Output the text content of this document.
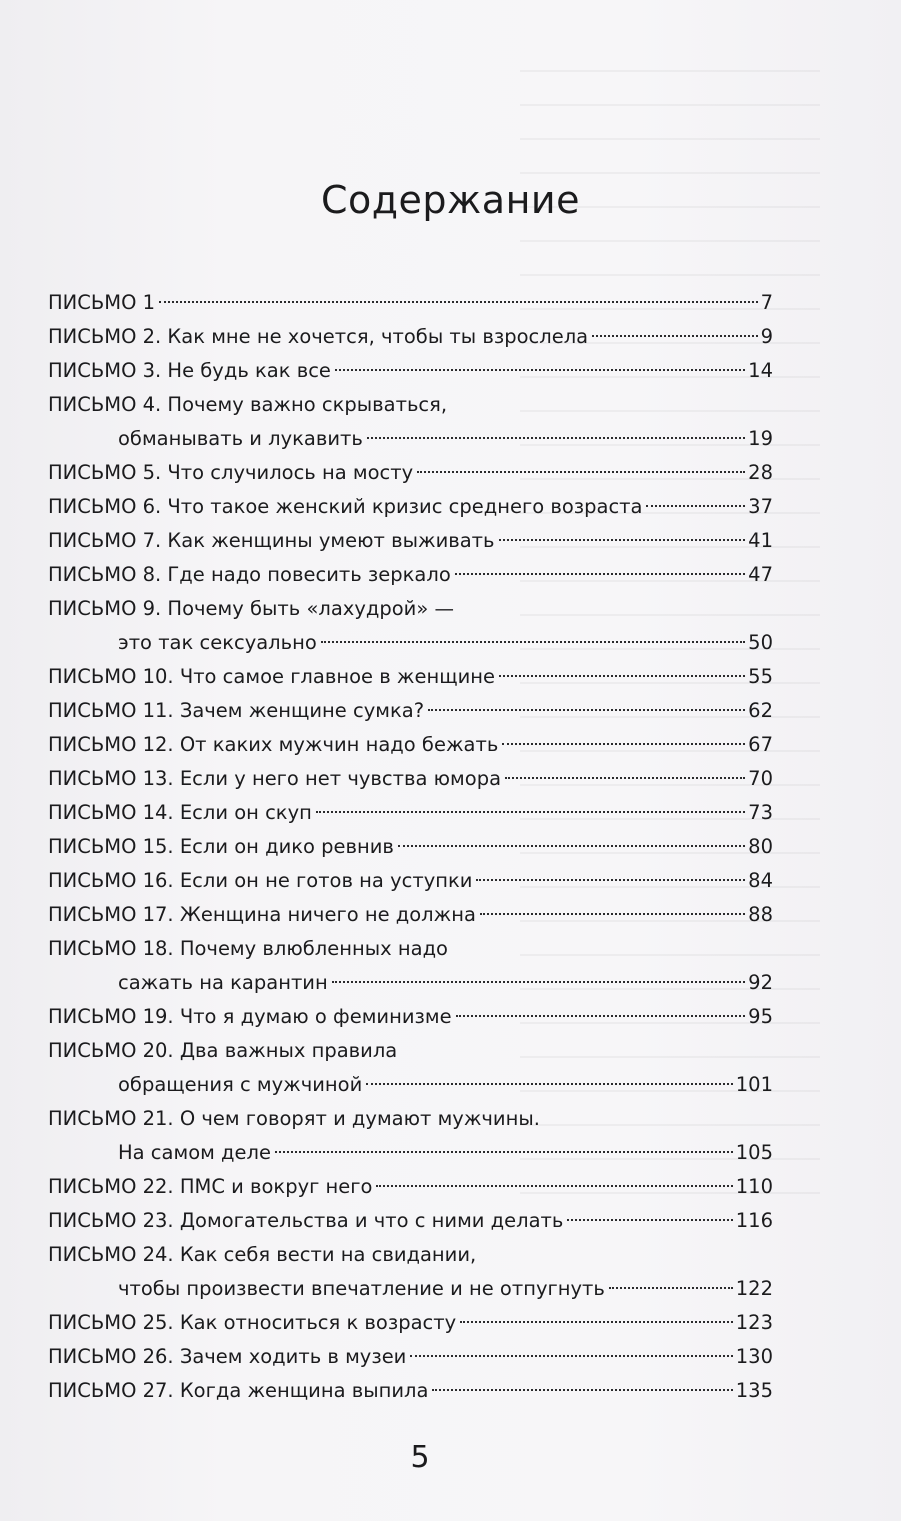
Содержание
ПИСЬМО 1	7
ПИСЬМО 2. Как мне не хочется, чтобы ты взрослела	9
ПИСЬМО 3. Не будь как все	14
ПИСЬМО 4. Почему важно скрываться,
обманывать и лукавить	19
ПИСЬМО 5. Что случилось на мосту	28
ПИСЬМО 6. Что такое женский кризис среднего возраста	37
ПИСЬМО 7. Как женщины умеют выживать	41
ПИСЬМО 8. Где надо повесить зеркало	47
ПИСЬМО 9. Почему быть «лахудрой» —
это так сексуально	50
ПИСЬМО 10. Что самое главное в женщине	55
ПИСЬМО 11. Зачем женщине сумка?	62
ПИСЬМО 12. От каких мужчин надо бежать	67
ПИСЬМО 13. Если у него нет чувства юмора	70
ПИСЬМО 14. Если он скуп	73
ПИСЬМО 15. Если он дико ревнив	80
ПИСЬМО 16. Если он не готов на уступки	84
ПИСЬМО 17. Женщина ничего не должна	88
ПИСЬМО 18. Почему влюбленных надо
сажать на карантин	92
ПИСЬМО 19. Что я думаю о феминизме	95
ПИСЬМО 20. Два важных правила
обращения с мужчиной	101
ПИСЬМО 21. О чем говорят и думают мужчины.
На самом деле	105
ПИСЬМО 22. ПМС и вокруг него	110
ПИСЬМО 23. Домогательства и что с ними делать	116
ПИСЬМО 24. Как себя вести на свидании,
чтобы произвести впечатление и не отпугнуть	122
ПИСЬМО 25. Как относиться к возрасту	123
ПИСЬМО 26. Зачем ходить в музеи	130
ПИСЬМО 27. Когда женщина выпила	135
5
